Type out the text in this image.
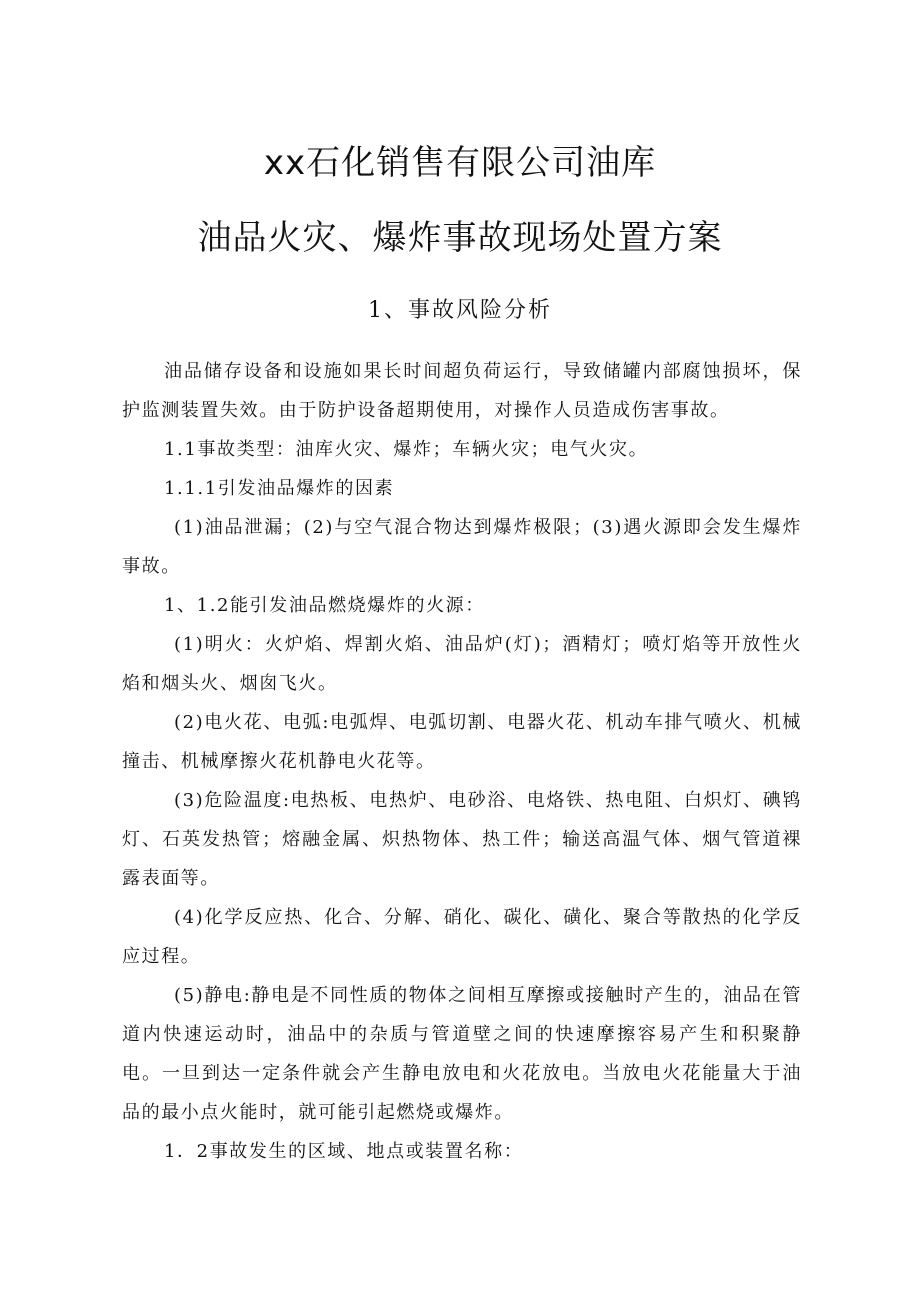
xx石化销售有限公司油库
油品火灾、爆炸事故现场处置方案
1、事故风险分析

油品储存设备和设施如果长时间超负荷运行，导致储罐内部腐蚀损坏，保护监测装置失效。由于防护设备超期使用，对操作人员造成伤害事故。

1.1事故类型：油库火灾、爆炸；车辆火灾；电气火灾。

1.1.1引发油品爆炸的因素

(1)油品泄漏；(2)与空气混合物达到爆炸极限；(3)遇火源即会发生爆炸事故。

1、1.2能引发油品燃烧爆炸的火源：

(1)明火：火炉焰、焊割火焰、油品炉(灯)；酒精灯；喷灯焰等开放性火焰和烟头火、烟囱飞火。

(2)电火花、电弧:电弧焊、电弧切割、电器火花、机动车排气喷火、机械撞击、机械摩擦火花机静电火花等。

(3)危险温度:电热板、电热炉、电砂浴、电烙铁、热电阻、白炽灯、碘鸨灯、石英发热管；熔融金属、炽热物体、热工件；输送高温气体、烟气管道裸露表面等。

(4)化学反应热、化合、分解、硝化、碳化、磺化、聚合等散热的化学反应过程。

(5)静电:静电是不同性质的物体之间相互摩擦或接触时产生的，油品在管道内快速运动时，油品中的杂质与管道壁之间的快速摩擦容易产生和积聚静电。一旦到达一定条件就会产生静电放电和火花放电。当放电火花能量大于油品的最小点火能时，就可能引起燃烧或爆炸。

1．2事故发生的区域、地点或装置名称：
